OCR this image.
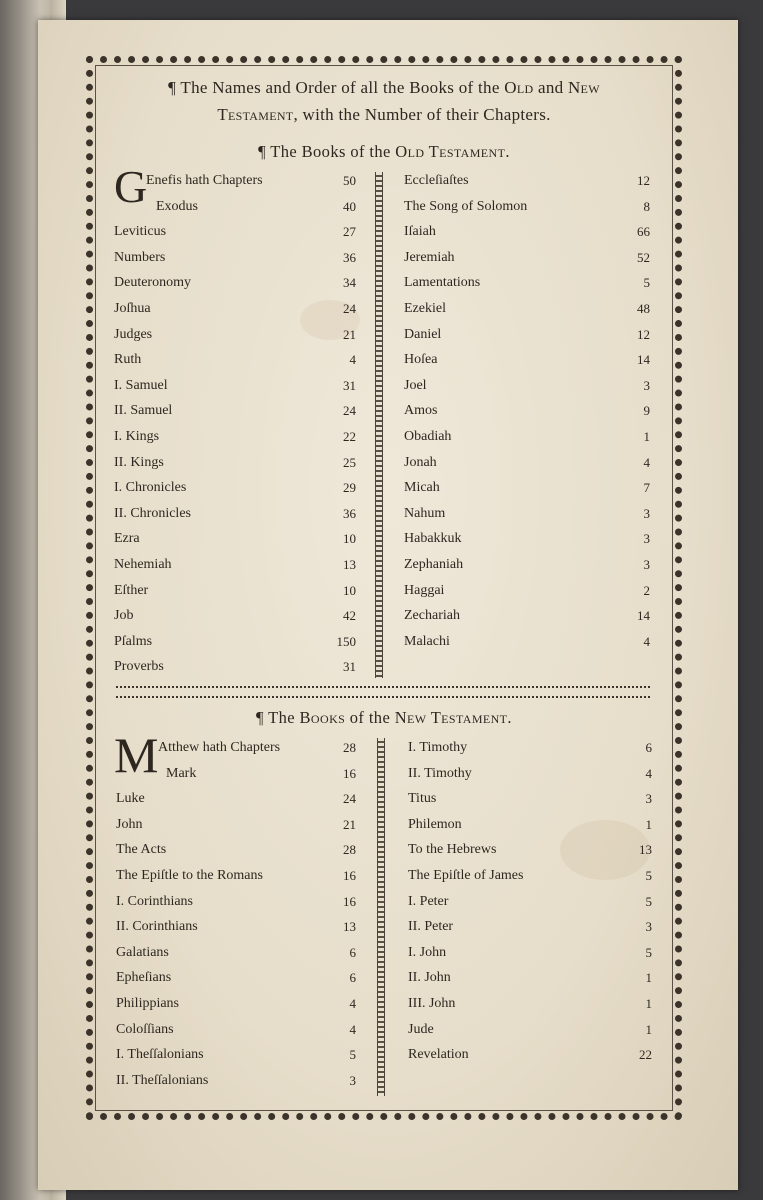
¶ The Names and Order of all the Books of the Old and New
Testament, with the Number of their Chapters.
¶ The Books of the Old Testament.
G
Enefis hath Chapters	50
Exodus	40
Leviticus	27
Numbers	36
Deuteronomy	34
Joſhua	24
Judges	21
Ruth	4
I. Samuel	31
II. Samuel	24
I. Kings	22
II. Kings	25
I. Chronicles	29
II. Chronicles	36
Ezra	10
Nehemiah	13
Eſther	10
Job	42
Pſalms	150
Proverbs	31
Eccleſiaſtes	12
The Song of Solomon	8
Iſaiah	66
Jeremiah	52
Lamentations	5
Ezekiel	48
Daniel	12
Hoſea	14
Joel	3
Amos	9
Obadiah	1
Jonah	4
Micah	7
Nahum	3
Habakkuk	3
Zephaniah	3
Haggai	2
Zechariah	14
Malachi	4
¶ The Books of the New Testament.
M Atthew hath Chapters	28
Mark	16
Luke	24
John	21
The Acts	28
The Epiſtle to the Romans	16
I. Corinthians	16
II. Corinthians	13
Galatians	6
Epheſians	6
Philippians	4
Coloſſians	4
I. Theſſalonians	5
II. Theſſalonians	3
I. Timothy	6
II. Timothy	4
Titus	3
Philemon	1
To the Hebrews	13
The Epiſtle of James	5
I. Peter	5
II. Peter	3
I. John	5
II. John	1
III. John	1
Jude	1
Revelation	22
